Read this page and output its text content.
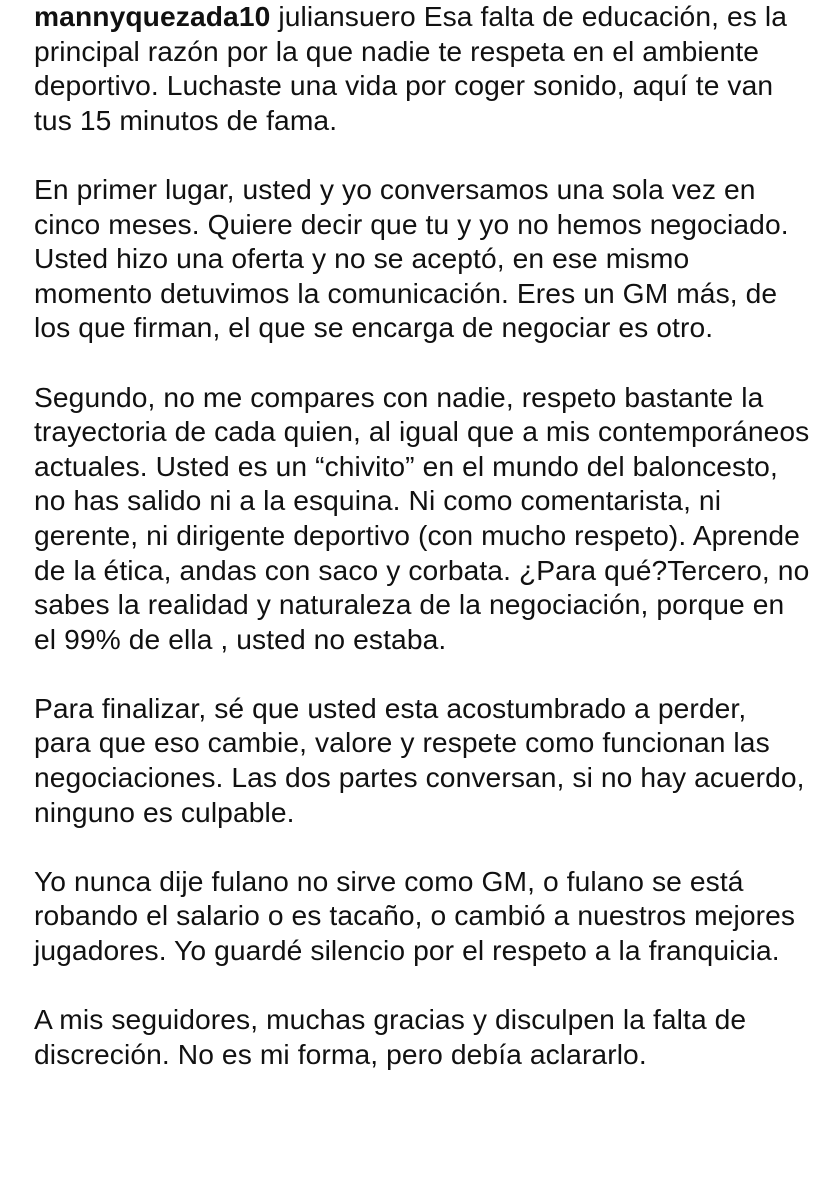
mannyquezada10 juliansuero Esa falta de educación, es la principal razón por la que nadie te respeta en el ambiente deportivo. Luchaste una vida por coger sonido, aquí te van tus 15 minutos de fama.

En primer lugar, usted y yo conversamos una sola vez en cinco meses. Quiere decir que tu y yo no hemos negociado. Usted hizo una oferta y no se aceptó, en ese mismo momento detuvimos la comunicación. Eres un GM más, de los que firman, el que se encarga de negociar es otro.

Segundo, no me compares con nadie, respeto bastante la trayectoria de cada quien, al igual que a mis contemporáneos actuales. Usted es un “chivito” en el mundo del baloncesto, no has salido ni a la esquina. Ni como comentarista, ni gerente, ni dirigente deportivo (con mucho respeto). Aprende de la ética, andas con saco y corbata. ¿Para qué?Tercero, no sabes la realidad y naturaleza de la negociación, porque en el 99% de ella , usted no estaba.

Para finalizar, sé que usted esta acostumbrado a perder, para que eso cambie, valore y respete como funcionan las negociaciones. Las dos partes conversan, si no hay acuerdo, ninguno es culpable.

Yo nunca dije fulano no sirve como GM, o fulano se está robando el salario o es tacaño, o cambió a nuestros mejores jugadores. Yo guardé silencio por el respeto a la franquicia.

A mis seguidores, muchas gracias y disculpen la falta de discreción. No es mi forma, pero debía aclararlo.
